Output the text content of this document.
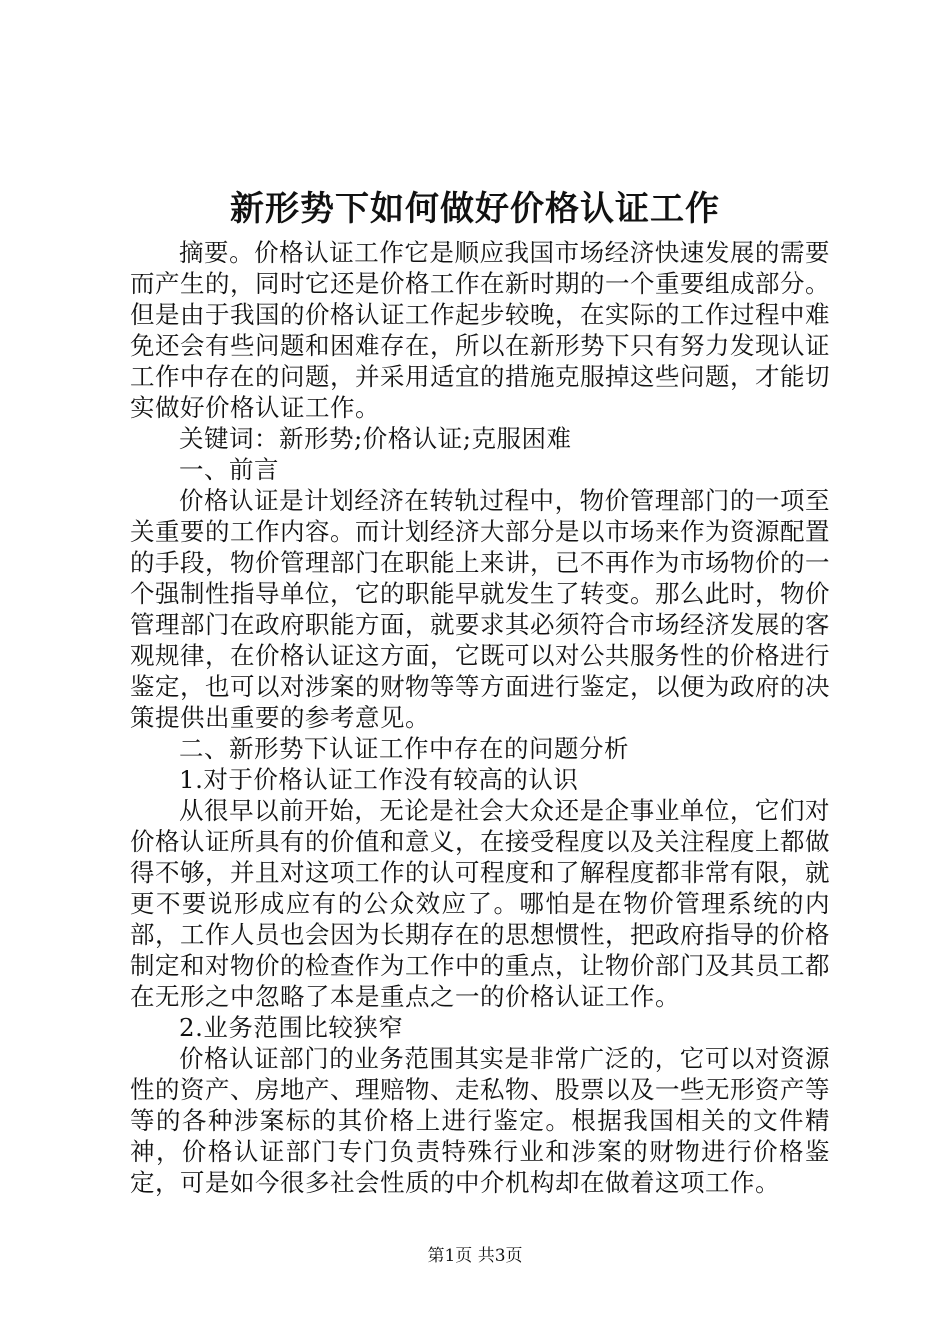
新形势下如何做好价格认证工作

摘要。价格认证工作它是顺应我国市场经济快速发展的需要而产生的，同时它还是价格工作在新时期的一个重要组成部分。但是由于我国的价格认证工作起步较晚，在实际的工作过程中难免还会有些问题和困难存在，所以在新形势下只有努力发现认证工作中存在的问题，并采用适宜的措施克服掉这些问题，才能切实做好价格认证工作。

关键词：新形势;价格认证;克服困难

一、前言

价格认证是计划经济在转轨过程中，物价管理部门的一项至关重要的工作内容。而计划经济大部分是以市场来作为资源配置的手段，物价管理部门在职能上来讲，已不再作为市场物价的一个强制性指导单位，它的职能早就发生了转变。那么此时，物价管理部门在政府职能方面，就要求其必须符合市场经济发展的客观规律，在价格认证这方面，它既可以对公共服务性的价格进行鉴定，也可以对涉案的财物等等方面进行鉴定，以便为政府的决策提供出重要的参考意见。

二、新形势下认证工作中存在的问题分析

1.对于价格认证工作没有较高的认识

从很早以前开始，无论是社会大众还是企事业单位，它们对价格认证所具有的价值和意义，在接受程度以及关注程度上都做得不够，并且对这项工作的认可程度和了解程度都非常有限，就更不要说形成应有的公众效应了。哪怕是在物价管理系统的内部，工作人员也会因为长期存在的思想惯性，把政府指导的价格制定和对物价的检查作为工作中的重点，让物价部门及其员工都在无形之中忽略了本是重点之一的价格认证工作。

2.业务范围比较狭窄

价格认证部门的业务范围其实是非常广泛的，它可以对资源性的资产、房地产、理赔物、走私物、股票以及一些无形资产等等的各种涉案标的其价格上进行鉴定。根据我国相关的文件精神，价格认证部门专门负责特殊行业和涉案的财物进行价格鉴定，可是如今很多社会性质的中介机构却在做着这项工作。

第1页 共3页
